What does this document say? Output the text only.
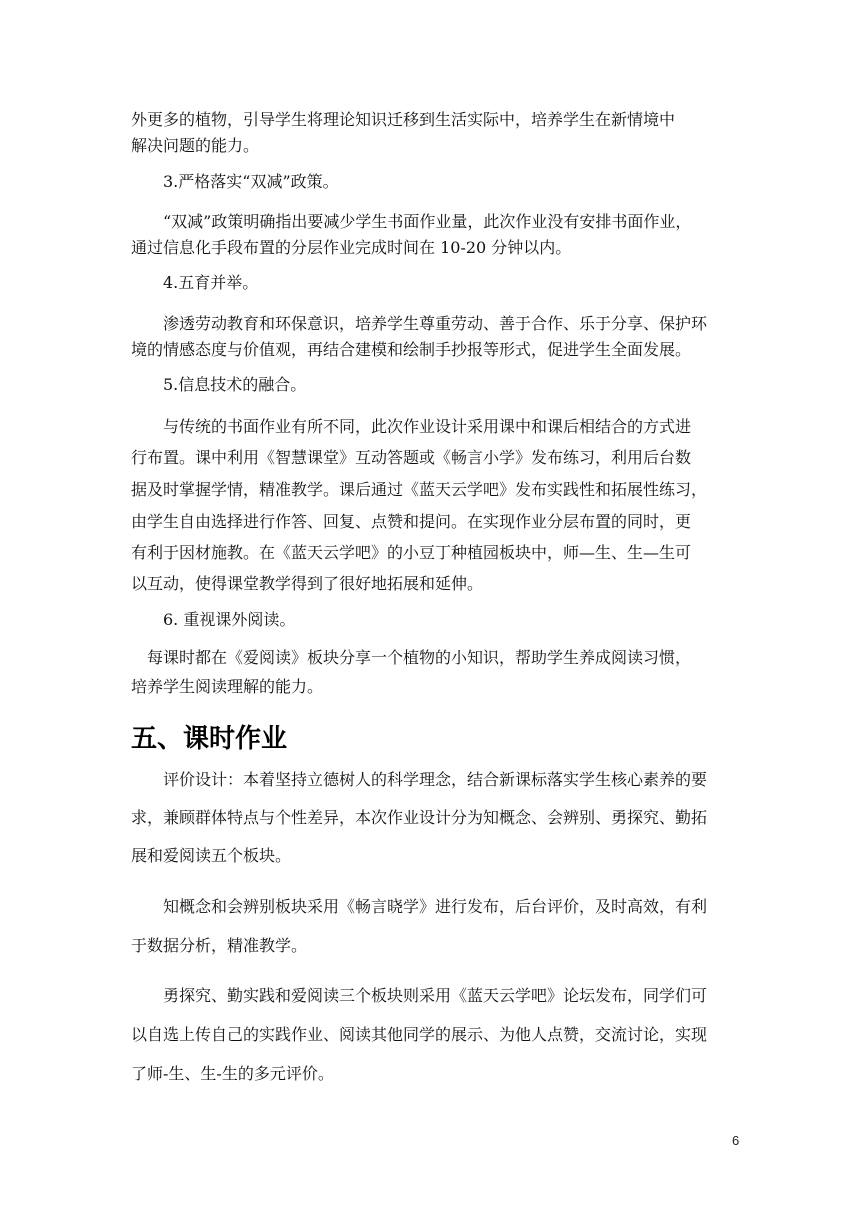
外更多的植物，引导学生将理论知识迁移到生活实际中，培养学生在新情境中
解决问题的能力。
3.严格落实“双减”政策。
“双减”政策明确指出要减少学生书面作业量，此次作业没有安排书面作业，
通过信息化手段布置的分层作业完成时间在 10-20 分钟以内。
4.五育并举。
渗透劳动教育和环保意识，培养学生尊重劳动、善于合作、乐于分享、保护环
境的情感态度与价值观，再结合建模和绘制手抄报等形式，促进学生全面发展。
5.信息技术的融合。
与传统的书面作业有所不同，此次作业设计采用课中和课后相结合的方式进
行布置。课中利用《智慧课堂》互动答题或《畅言小学》发布练习，利用后台数
据及时掌握学情，精准教学。课后通过《蓝天云学吧》发布实践性和拓展性练习，
由学生自由选择进行作答、回复、点赞和提问。在实现作业分层布置的同时，更
有利于因材施教。在《蓝天云学吧》的小豆丁种植园板块中，师—生、生—生可
以互动，使得课堂教学得到了很好地拓展和延伸。
6. 重视课外阅读。
每课时都在《爱阅读》板块分享一个植物的小知识，帮助学生养成阅读习惯，
培养学生阅读理解的能力。
五、课时作业
评价设计：本着坚持立德树人的科学理念，结合新课标落实学生核心素养的要
求，兼顾群体特点与个性差异，本次作业设计分为知概念、会辨别、勇探究、勤拓
展和爱阅读五个板块。
知概念和会辨别板块采用《畅言晓学》进行发布，后台评价，及时高效，有利
于数据分析，精准教学。
勇探究、勤实践和爱阅读三个板块则采用《蓝天云学吧》论坛发布，同学们可
以自选上传自己的实践作业、阅读其他同学的展示、为他人点赞，交流讨论，实现
了师-生、生-生的多元评价。
6
